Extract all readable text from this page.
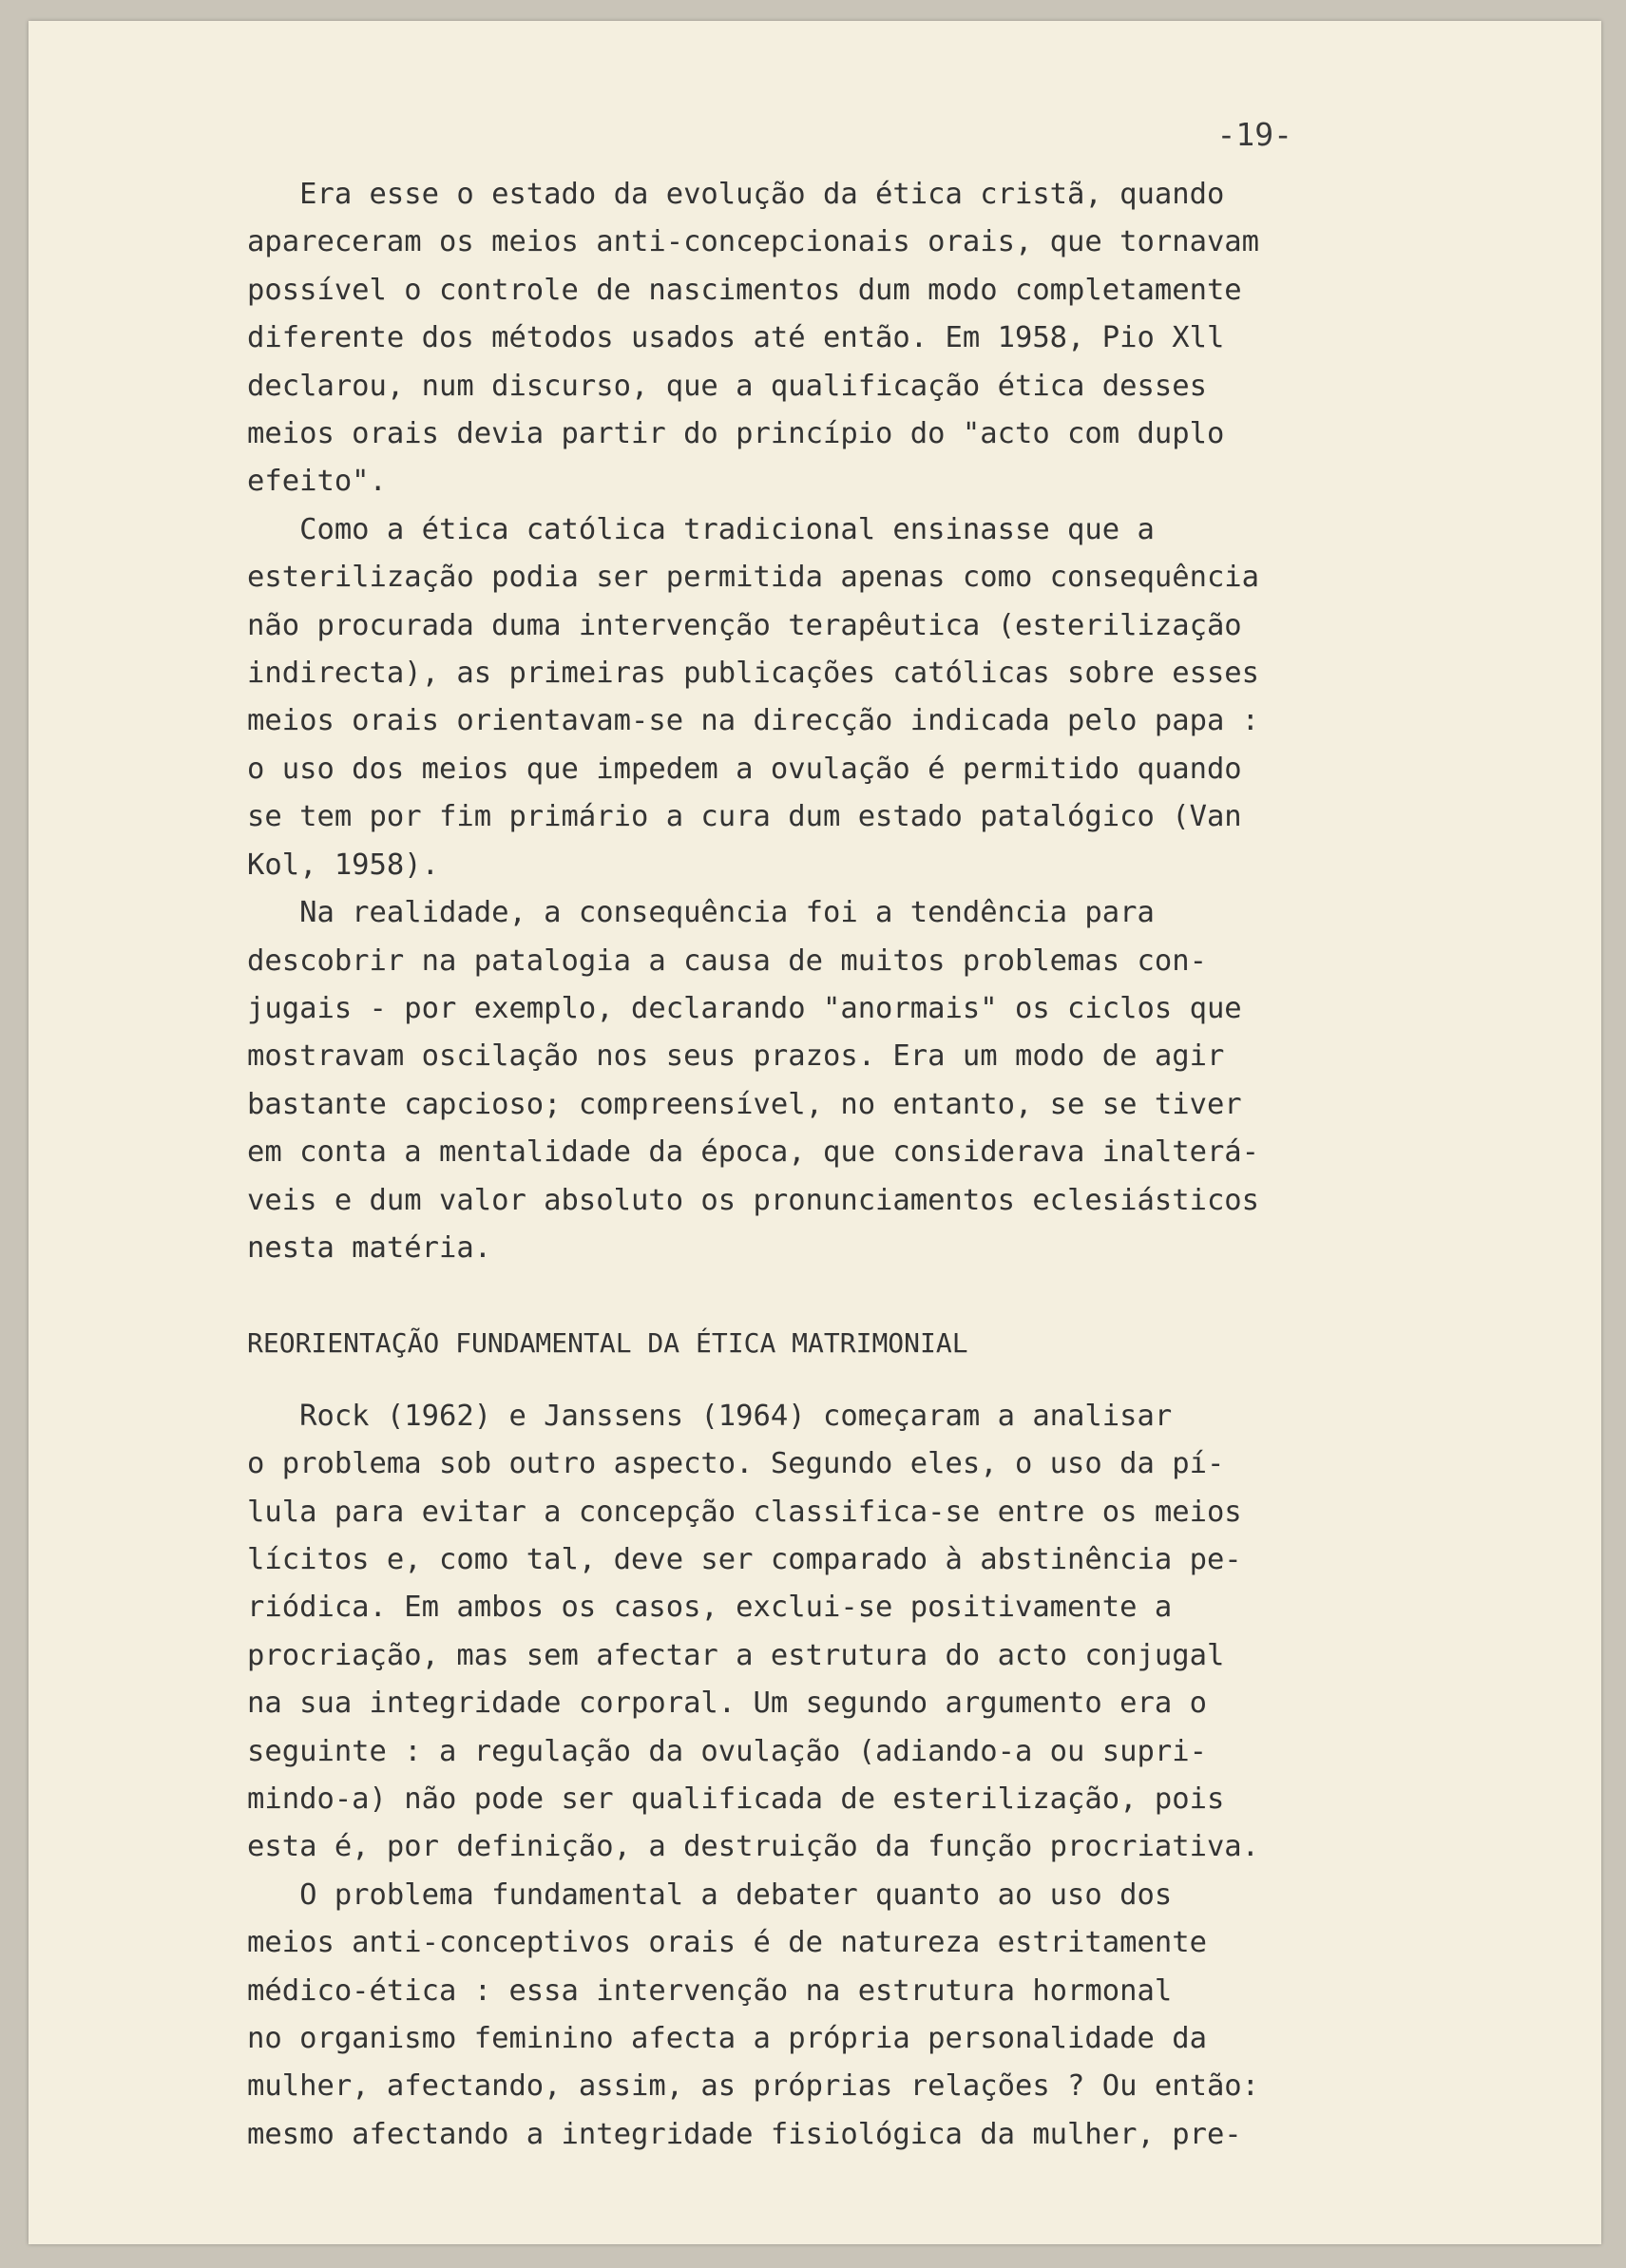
-19-

Era esse o estado da evolução da ética cristã, quando

apareceram os meios anti-concepcionais orais, que tornavam

possível o controle de nascimentos dum modo completamente

diferente dos métodos usados até então. Em 1958, Pio Xll

declarou, num discurso, que a qualificação ética desses

meios orais devia partir do princípio do "acto com duplo

efeito".

Como a ética católica tradicional ensinasse que a

esterilização podia ser permitida apenas como consequência

não procurada duma intervenção terapêutica (esterilização

indirecta), as primeiras publicações católicas sobre esses

meios orais orientavam-se na direcção indicada pelo papa :

o uso dos meios que impedem a ovulação é permitido quando

se tem por fim primário a cura dum estado patalógico (Van

Kol, 1958).

Na realidade, a consequência foi a tendência para

descobrir na patalogia a causa de muitos problemas con-

jugais - por exemplo, declarando "anormais" os ciclos que

mostravam oscilação nos seus prazos. Era um modo de agir

bastante capcioso; compreensível, no entanto, se se tiver

em conta a mentalidade da época, que considerava inalterá-

veis e dum valor absoluto os pronunciamentos eclesiásticos

nesta matéria.

REORIENTAÇÃO FUNDAMENTAL DA ÉTICA MATRIMONIAL

Rock (1962) e Janssens (1964) começaram a analisar

o problema sob outro aspecto. Segundo eles, o uso da pí-

lula para evitar a concepção classifica-se entre os meios

lícitos e, como tal, deve ser comparado à abstinência pe-

riódica. Em ambos os casos, exclui-se positivamente a

procriação, mas sem afectar a estrutura do acto conjugal

na sua integridade corporal. Um segundo argumento era o

seguinte : a regulação da ovulação (adiando-a ou supri-

mindo-a) não pode ser qualificada de esterilização, pois

esta é, por definição, a destruição da função procriativa.

O problema fundamental a debater quanto ao uso dos

meios anti-conceptivos orais é de natureza estritamente

médico-ética : essa intervenção na estrutura hormonal

no organismo feminino afecta a própria personalidade da

mulher, afectando, assim, as próprias relações ? Ou então:

mesmo afectando a integridade fisiológica da mulher, pre-
